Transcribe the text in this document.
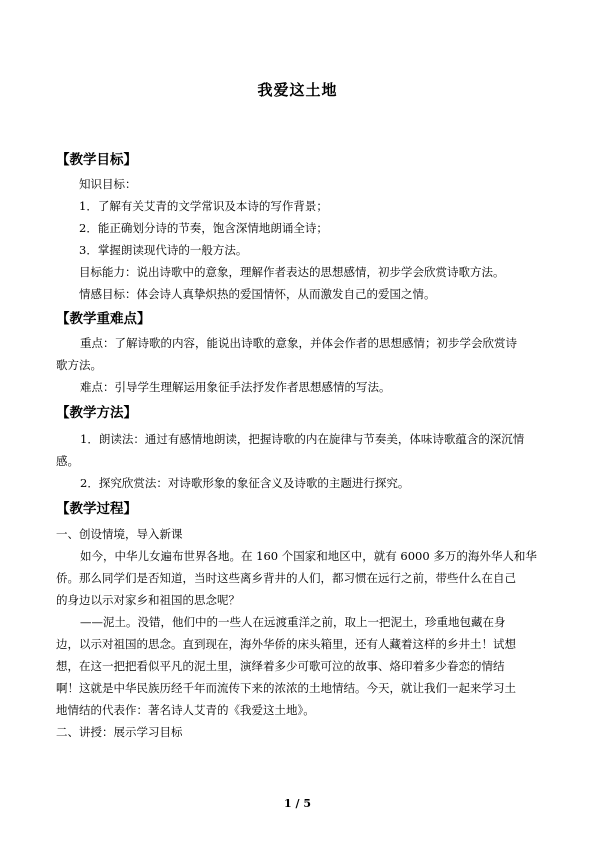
我爱这土地
【教学目标】
知识目标：
1．了解有关艾青的文学常识及本诗的写作背景；
2．能正确划分诗的节奏，饱含深情地朗诵全诗；
3．掌握朗读现代诗的一般方法。
目标能力：说出诗歌中的意象，理解作者表达的思想感情，初步学会欣赏诗歌方法。
情感目标：体会诗人真挚炽热的爱国情怀，从而激发自己的爱国之情。
【教学重难点】
重点：了解诗歌的内容，能说出诗歌的意象，并体会作者的思想感情；初步学会欣赏诗
歌方法。
难点：引导学生理解运用象征手法抒发作者思想感情的写法。
【教学方法】
1．朗读法：通过有感情地朗读，把握诗歌的内在旋律与节奏美，体味诗歌蕴含的深沉情
感。
2．探究欣赏法：对诗歌形象的象征含义及诗歌的主题进行探究。
【教学过程】
一、创设情境，导入新课
如今，中华儿女遍布世界各地。在 160 个国家和地区中，就有 6000 多万的海外华人和华
侨。那么同学们是否知道，当时这些离乡背井的人们，都习惯在远行之前，带些什么在自己
的身边以示对家乡和祖国的思念呢？
——泥土。没错，他们中的一些人在远渡重洋之前，取上一把泥土，珍重地包藏在身
边，以示对祖国的思念。直到现在，海外华侨的床头箱里，还有人藏着这样的乡井土！试想
想，在这一把把看似平凡的泥土里，演绎着多少可歌可泣的故事、烙印着多少眷恋的情结
啊！这就是中华民族历经千年而流传下来的浓浓的土地情结。今天，就让我们一起来学习土
地情结的代表作：著名诗人艾青的《我爱这土地》。
二、讲授：展示学习目标
1 / 5
